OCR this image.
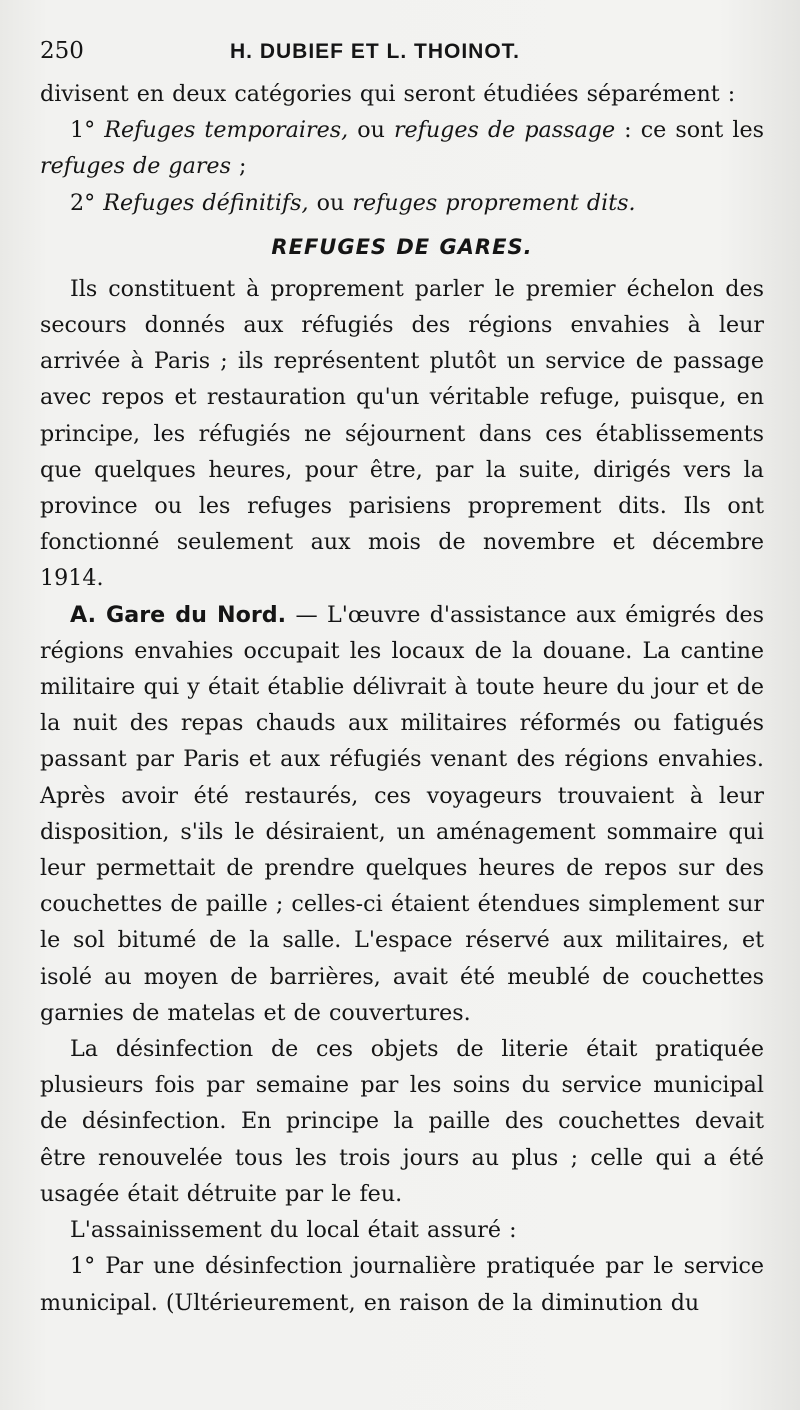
250	H. DUBIEF ET L. THOINOT.

divisent en deux catégories qui seront étudiées séparément :

1° Refuges temporaires, ou refuges de passage : ce sont les refuges de gares ;

2° Refuges définitifs, ou refuges proprement dits.

REFUGES DE GARES.

Ils constituent à proprement parler le premier échelon des secours donnés aux réfugiés des régions envahies à leur arrivée à Paris ; ils représentent plutôt un service de passage avec repos et restauration qu'un véritable refuge, puisque, en principe, les réfugiés ne séjournent dans ces établissements que quelques heures, pour être, par la suite, dirigés vers la province ou les refuges parisiens proprement dits. Ils ont fonctionné seulement aux mois de novembre et décembre 1914.

A. Gare du Nord. — L'œuvre d'assistance aux émigrés des régions envahies occupait les locaux de la douane. La cantine militaire qui y était établie délivrait à toute heure du jour et de la nuit des repas chauds aux militaires réformés ou fatigués passant par Paris et aux réfugiés venant des régions envahies. Après avoir été restaurés, ces voyageurs trouvaient à leur disposition, s'ils le désiraient, un aménagement sommaire qui leur permettait de prendre quelques heures de repos sur des couchettes de paille ; celles-ci étaient étendues simplement sur le sol bitumé de la salle. L'espace réservé aux militaires, et isolé au moyen de barrières, avait été meublé de couchettes garnies de matelas et de couvertures.

La désinfection de ces objets de literie était pratiquée plusieurs fois par semaine par les soins du service municipal de désinfection. En principe la paille des couchettes devait être renouvelée tous les trois jours au plus ; celle qui a été usagée était détruite par le feu.

L'assainissement du local était assuré :

1° Par une désinfection journalière pratiquée par le service municipal. (Ultérieurement, en raison de la diminution du
